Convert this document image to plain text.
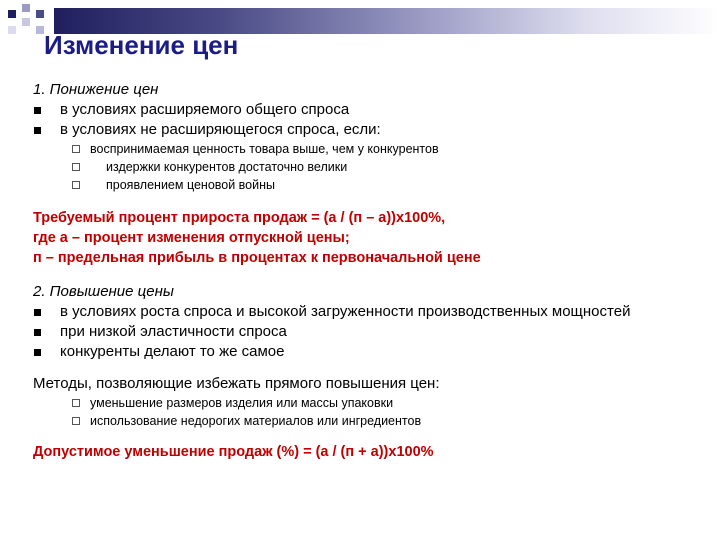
Изменение цен
1. Понижение цен
в условиях расширяемого общего спроса
в условиях не расширяющегося спроса, если:
воспринимаемая ценность товара выше, чем у конкурентов
издержки конкурентов достаточно велики
проявлением ценовой войны
Требуемый процент прироста продаж = (a / (п – a))х100%,
где а – процент изменения отпускной цены;
п – предельная прибыль в процентах к первоначальной цене
2. Повышение цены
в условиях роста спроса и высокой загруженности производственных мощностей
при низкой эластичности спроса
конкуренты делают то же самое
Методы, позволяющие избежать прямого повышения цен:
уменьшение размеров изделия или массы упаковки
использование недорогих материалов или ингредиентов
Допустимое уменьшение продаж (%) = (а / (п + а))х100%
